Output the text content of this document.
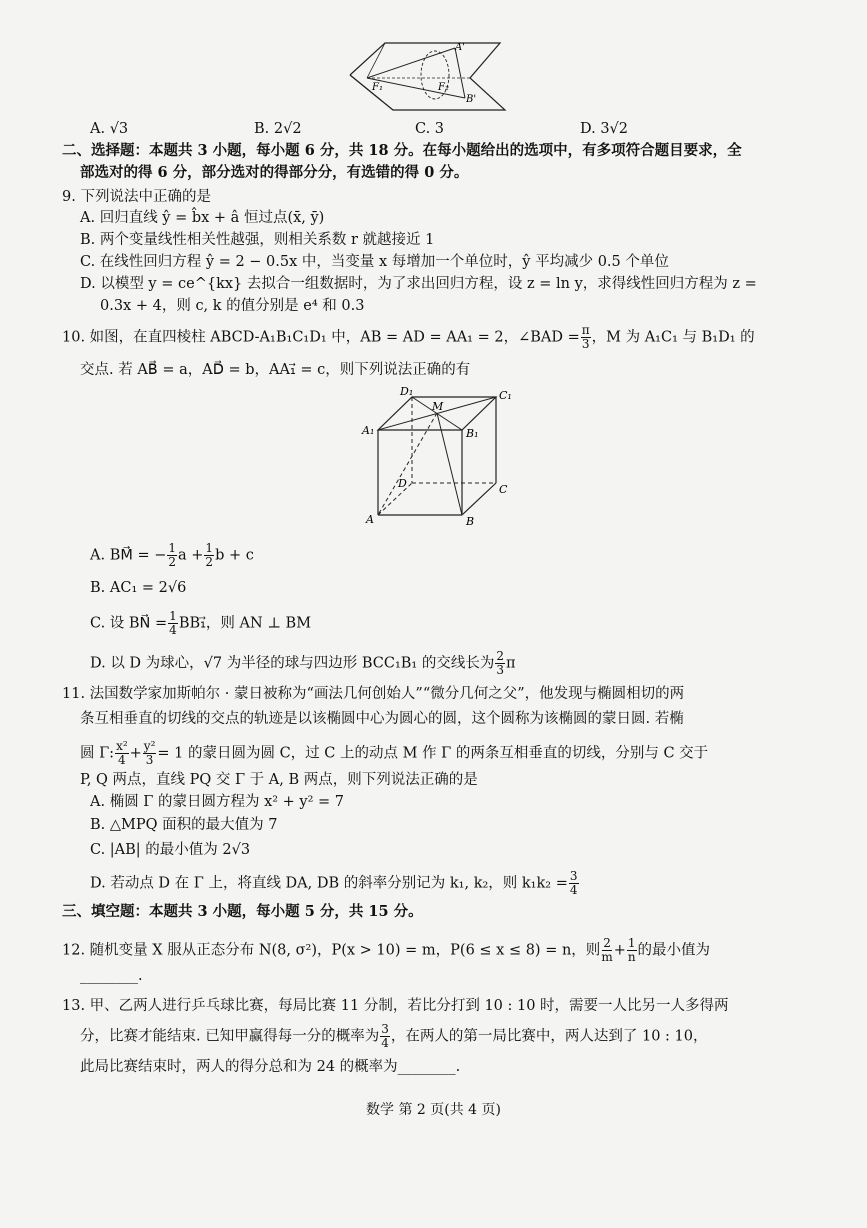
A'
B'
F₁	F₂
A. √3	B. 2√2	C. 3	D. 3√2
二、选择题：本题共 3 小题，每小题 6 分，共 18 分。在每小题给出的选项中，有多项符合题目要求，全
部选对的得 6 分，部分选对的得部分分，有选错的得 0 分。
9. 下列说法中正确的是
A. 回归直线 ŷ = b̂x + â 恒过点(x̄, ȳ)
B. 两个变量线性相关性越强，则相关系数 r 就越接近 1
C. 在线性回归方程 ŷ = 2 − 0.5x 中，当变量 x 每增加一个单位时，ŷ 平均减少 0.5 个单位
D. 以模型 y = ce^{kx} 去拟合一组数据时，为了求出回归方程，设 z = ln y，求得线性回归方程为 z =
0.3x + 4，则 c, k 的值分别是 e⁴ 和 0.3
10. 如图，在直四棱柱 ABCD-A₁B₁C₁D₁ 中，AB = AD = AA₁ = 2，∠BAD = $\frac{\pi}{3}$ ，M 为 A₁C₁ 与 B₁D₁ 的
交点. 若 AB⃗ = a，AD⃗ = b，AA₁⃗ = c，则下列说法正确的有
D₁
M
C₁
A₁	B₁
D	C
A	B
A. BM⃗ = − $\frac{1}{2}$ $a + \frac{1}{2}$ b + c
B. AC₁ = 2√6
C. 设 BN⃗ = $\frac{1}{4}$ BB₁⃗，则 AN ⊥ BM
D. 以 D 为球心，√7 为半径的球与四边形 BCC₁B₁ 的交线长为 $\frac{2}{3}$ π
11. 法国数学家加斯帕尔 · 蒙日被称为“画法几何创始人”“微分几何之父”，他发现与椭圆相切的两
条互相垂直的切线的交点的轨迹是以该椭圆中心为圆心的圆，这个圆称为该椭圆的蒙日圆. 若椭
圆 Γ: $\frac{\text{x²}}{4} + \frac{\text{y²}}{3} = 1$ 的蒙日圆为圆 C，过 C 上的动点 M 作 Γ 的两条互相垂直的切线，分别与 C 交于
P, Q 两点，直线 PQ 交 Γ 于 A, B 两点，则下列说法正确的是
A. 椭圆 Γ 的蒙日圆方程为 x² + y² = 7
B. △MPQ 面积的最大值为 7
C. |AB| 的最小值为 2√3
D. 若动点 D 在 Γ 上，将直线 DA, DB 的斜率分别记为 k₁, k₂，则 $k_1k_2 = \frac{3}{4}$
三、填空题：本题共 3 小题，每小题 5 分，共 15 分。
12. 随机变量 X 服从正态分布 N(8, σ²)，P(x > 10) = m，P(6 ≤ x ≤ 8) = n，则 $\frac{2}{m} + \frac{1}{n}$ 的最小值为
________.
13. 甲、乙两人进行乒乓球比赛，每局比赛 11 分制，若比分打到 10 : 10 时，需要一人比另一人多得两
分，比赛才能结束. 已知甲赢得每一分的概率为 $\frac{3}{4}$ ，在两人的第一局比赛中，两人达到了 10 : 10，
此局比赛结束时，两人的得分总和为 24 的概率为________.
数学 第 2 页(共 4 页)
